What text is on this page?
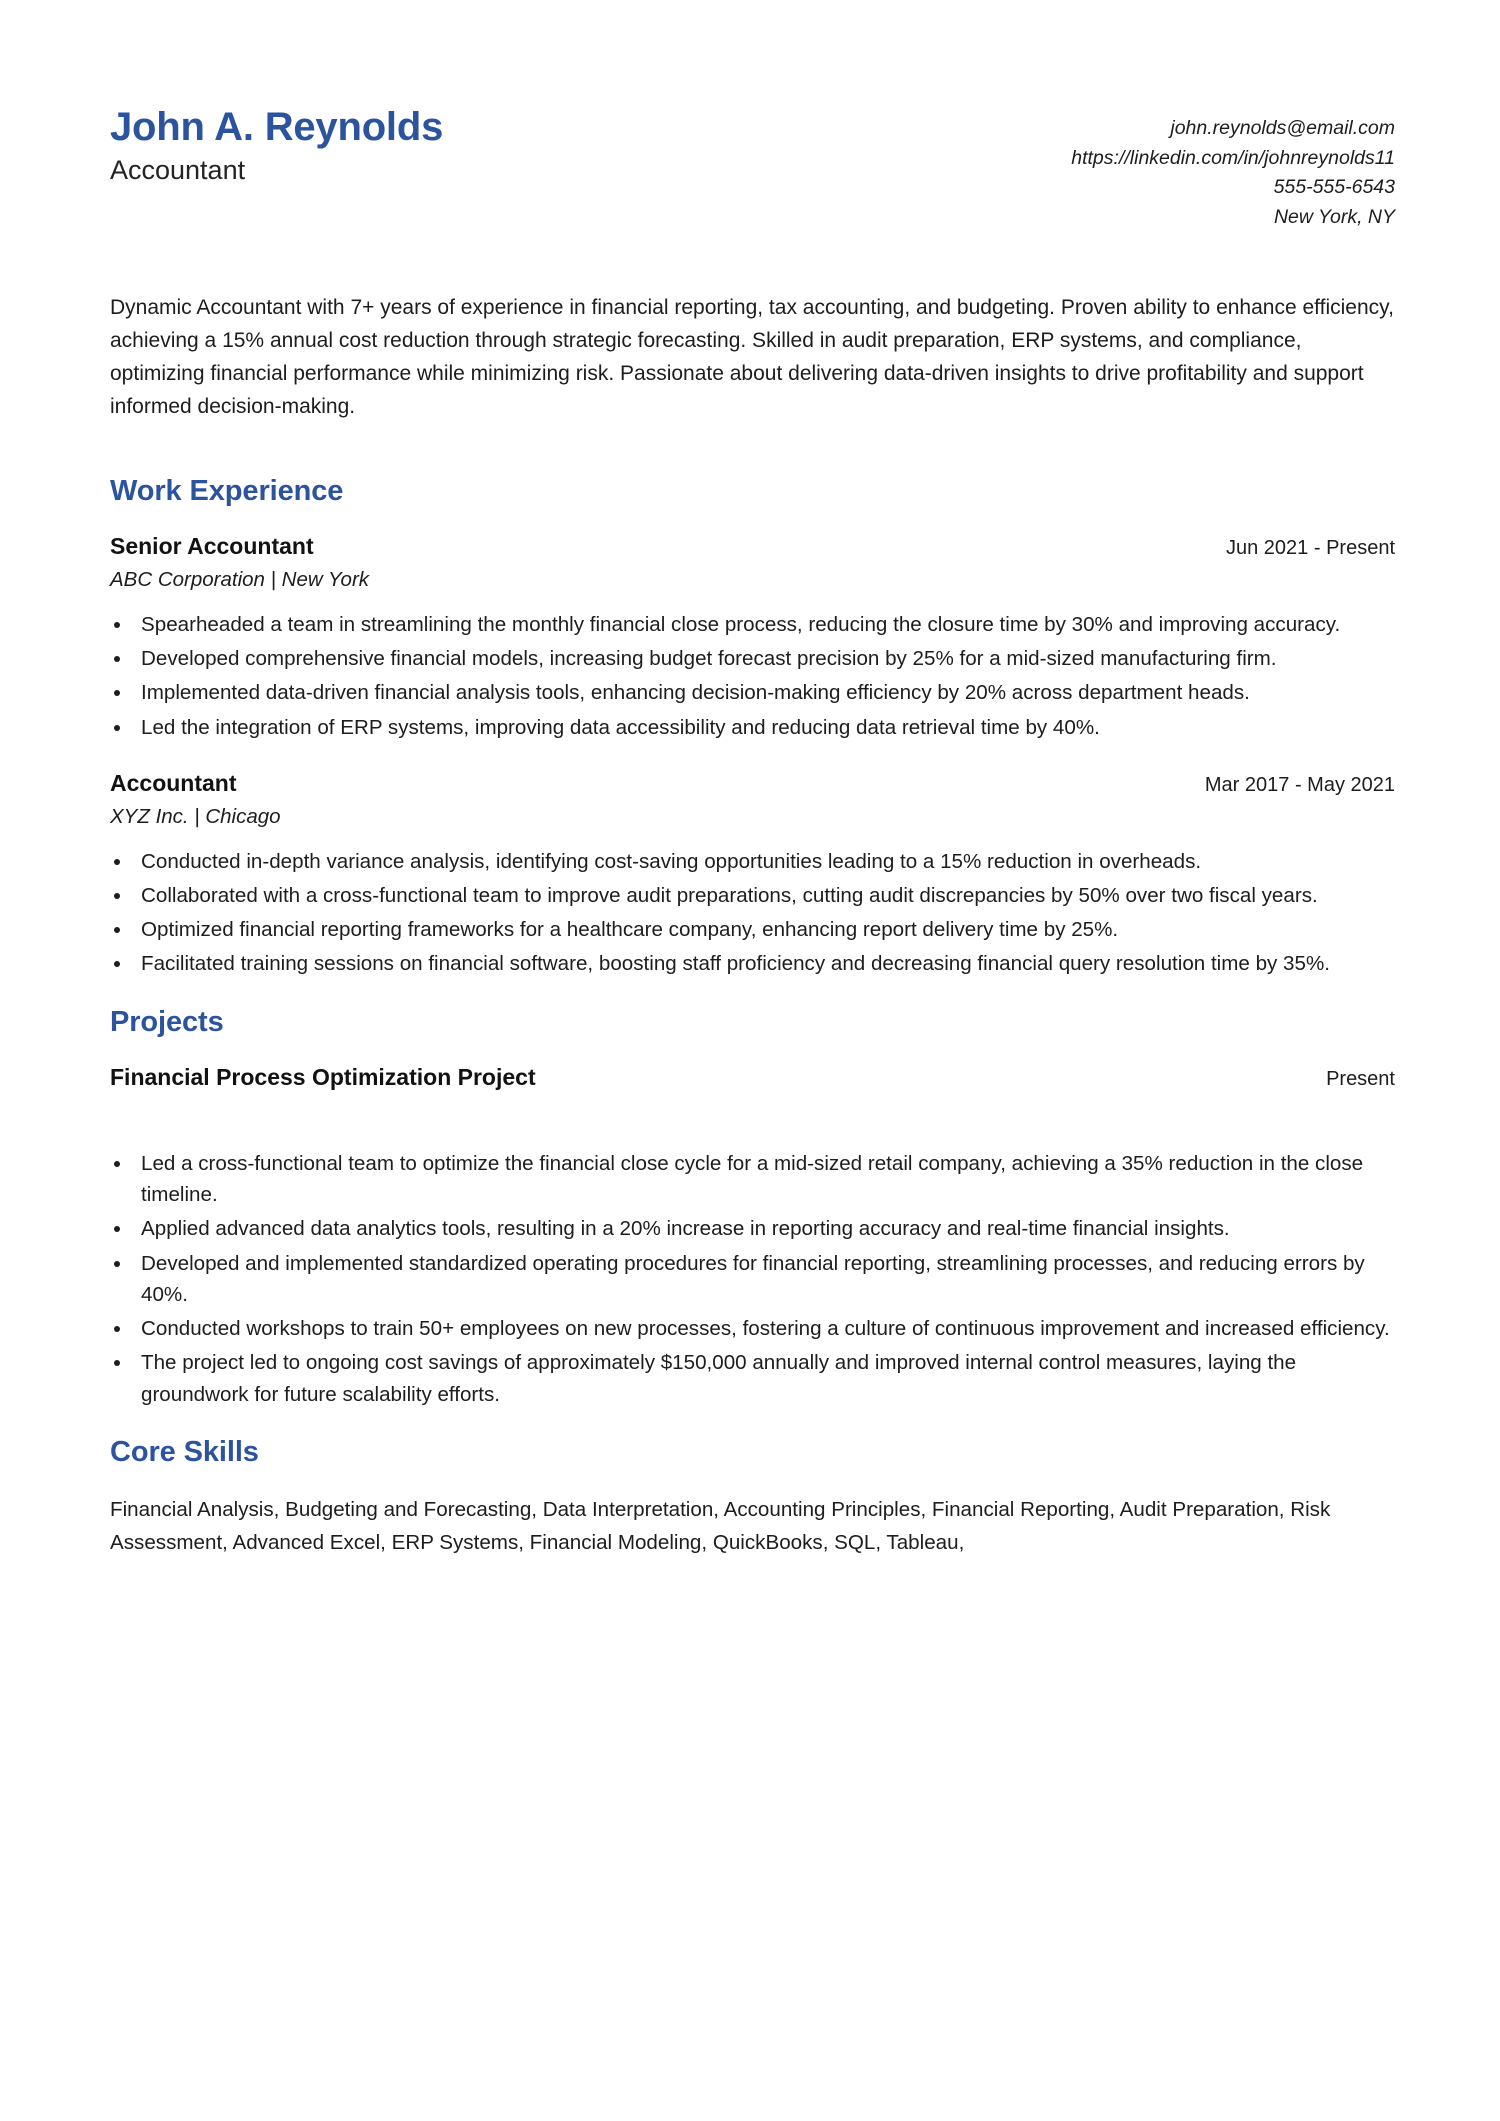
John A. Reynolds
Accountant
john.reynolds@email.com
https://linkedin.com/in/johnreynolds11
555-555-6543
New York, NY

Dynamic Accountant with 7+ years of experience in financial reporting, tax accounting, and budgeting. Proven ability to enhance efficiency, achieving a 15% annual cost reduction through strategic forecasting. Skilled in audit preparation, ERP systems, and compliance, optimizing financial performance while minimizing risk. Passionate about delivering data-driven insights to drive profitability and support informed decision-making.

Work Experience
Senior Accountant	Jun 2021 - Present
ABC Corporation | New York
Spearheaded a team in streamlining the monthly financial close process, reducing the closure time by 30% and improving accuracy.
Developed comprehensive financial models, increasing budget forecast precision by 25% for a mid-sized manufacturing firm.
Implemented data-driven financial analysis tools, enhancing decision-making efficiency by 20% across department heads.
Led the integration of ERP systems, improving data accessibility and reducing data retrieval time by 40%.
Accountant	Mar 2017 - May 2021
XYZ Inc. | Chicago
Conducted in-depth variance analysis, identifying cost-saving opportunities leading to a 15% reduction in overheads.
Collaborated with a cross-functional team to improve audit preparations, cutting audit discrepancies by 50% over two fiscal years.
Optimized financial reporting frameworks for a healthcare company, enhancing report delivery time by 25%.
Facilitated training sessions on financial software, boosting staff proficiency and decreasing financial query resolution time by 35%.
Projects
Financial Process Optimization Project	Present
Led a cross-functional team to optimize the financial close cycle for a mid-sized retail company, achieving a 35% reduction in the close timeline.
Applied advanced data analytics tools, resulting in a 20% increase in reporting accuracy and real-time financial insights.
Developed and implemented standardized operating procedures for financial reporting, streamlining processes, and reducing errors by 40%.
Conducted workshops to train 50+ employees on new processes, fostering a culture of continuous improvement and increased efficiency.
The project led to ongoing cost savings of approximately $150,000 annually and improved internal control measures, laying the groundwork for future scalability efforts.
Core Skills

Financial Analysis, Budgeting and Forecasting, Data Interpretation, Accounting Principles, Financial Reporting, Audit Preparation, Risk Assessment, Advanced Excel, ERP Systems, Financial Modeling, QuickBooks, SQL, Tableau,
